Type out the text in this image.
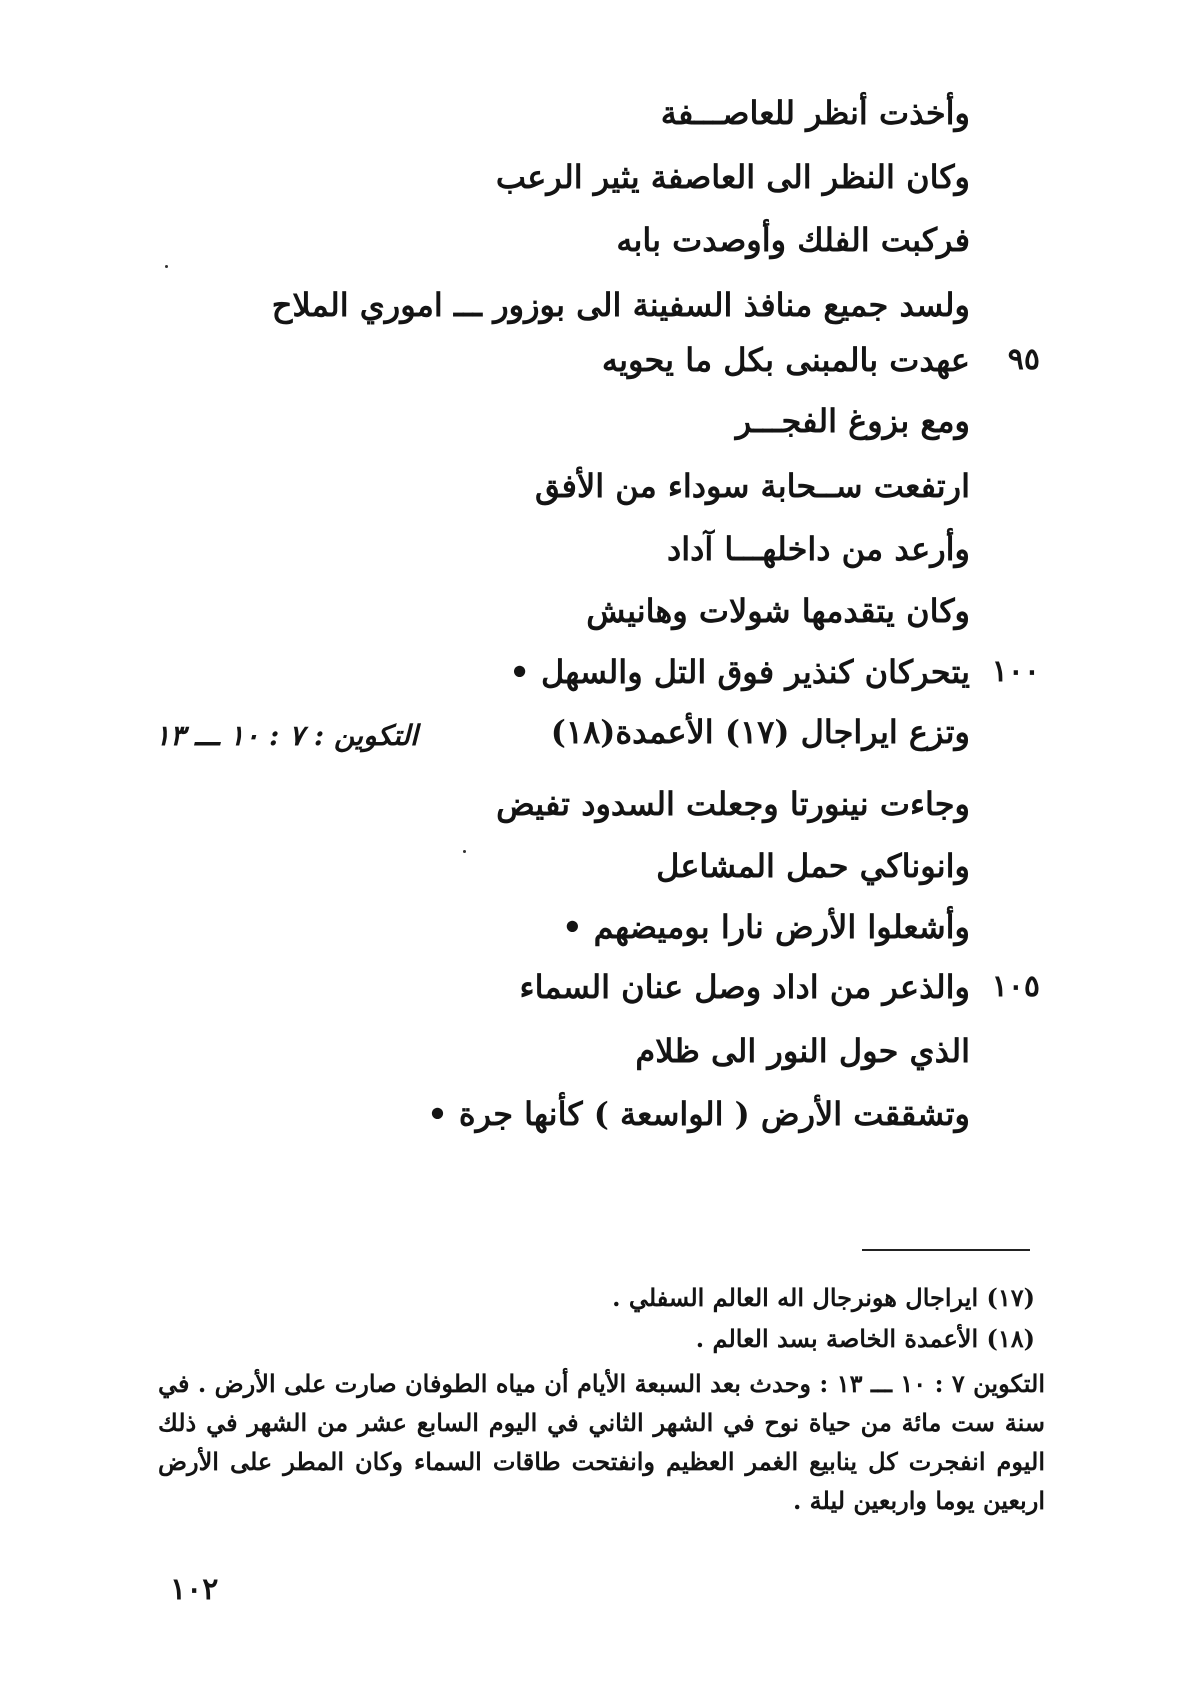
وأخذت أنظر للعاصـــفة
وكان النظر الى العاصفة يثير الرعب
فركبت الفلك وأوصدت بابه
ولسد جميع منافذ السفينة الى بوزور ـــ اموري الملاح
٩٥
عهدت بالمبنى بكل ما يحويه
ومع بزوغ الفجـــر
ارتفعت ســحابة سوداء من الأفق
وأرعد من داخلهـــا آداد
وكان يتقدمها شولات وهانيش
١٠٠
يتحركان كنذير فوق التل والسهل •
وتزع ايراجال (١٧) الأعمدة(١٨)
التكوين : ٧ : ١٠ ـــ ١٣
وجاءت نينورتا وجعلت السدود تفيض
وانوناكي حمل المشاعل
وأشعلوا الأرض نارا بوميضهم •
١٠٥
والذعر من اداد وصل عنان السماء
الذي حول النور الى ظلام
وتشققت الأرض ( الواسعة ) كأنها جرة •
(١٧) ايراجال هونرجال اله العالم السفلي .
(١٨) الأعمدة الخاصة بسد العالم .
التكوين ٧ : ١٠ ـــ ١٣ : وحدث بعد السبعة الأيام أن مياه الطوفان صارت على الأرض . في سنة ست مائة من حياة نوح في الشهر الثاني في اليوم السابع عشر من الشهر في ذلك اليوم انفجرت كل ينابيع الغمر العظيم وانفتحت طاقات السماء وكان المطر على الأرض اربعين يوما واربعين ليلة .
١٠٢
